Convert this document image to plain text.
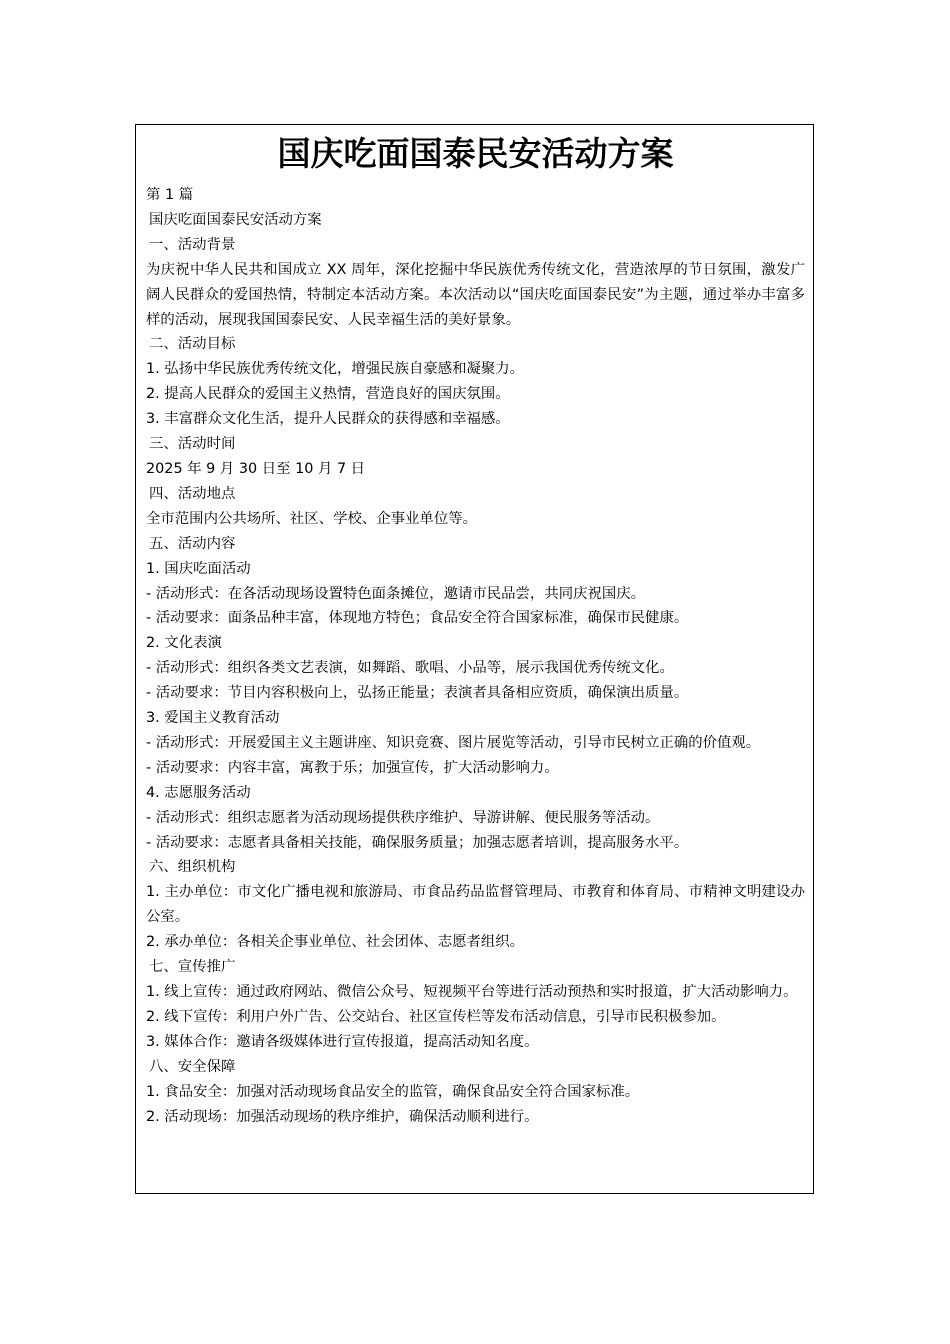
国庆吃面国泰民安活动方案
第 1 篇
国庆吃面国泰民安活动方案
一、活动背景
为庆祝中华人民共和国成立 XX 周年，深化挖掘中华民族优秀传统文化，营造浓厚的节日氛围，激发广阔人民群众的爱国热情，特制定本活动方案。本次活动以“国庆吃面国泰民安”为主题，通过举办丰富多样的活动，展现我国国泰民安、人民幸福生活的美好景象。
二、活动目标
1. 弘扬中华民族优秀传统文化，增强民族自豪感和凝聚力。
2. 提高人民群众的爱国主义热情，营造良好的国庆氛围。
3. 丰富群众文化生活，提升人民群众的获得感和幸福感。
三、活动时间
2025 年 9 月 30 日至 10 月 7 日
四、活动地点
全市范围内公共场所、社区、学校、企事业单位等。
五、活动内容
1. 国庆吃面活动
- 活动形式：在各活动现场设置特色面条摊位，邀请市民品尝，共同庆祝国庆。
- 活动要求：面条品种丰富，体现地方特色；食品安全符合国家标准，确保市民健康。
2. 文化表演
- 活动形式：组织各类文艺表演，如舞蹈、歌唱、小品等，展示我国优秀传统文化。
- 活动要求：节目内容积极向上，弘扬正能量；表演者具备相应资质，确保演出质量。
3. 爱国主义教育活动
- 活动形式：开展爱国主义主题讲座、知识竞赛、图片展览等活动，引导市民树立正确的价值观。
- 活动要求：内容丰富，寓教于乐；加强宣传，扩大活动影响力。
4. 志愿服务活动
- 活动形式：组织志愿者为活动现场提供秩序维护、导游讲解、便民服务等活动。
- 活动要求：志愿者具备相关技能，确保服务质量；加强志愿者培训，提高服务水平。
六、组织机构
1. 主办单位：市文化广播电视和旅游局、市食品药品监督管理局、市教育和体育局、市精神文明建设办公室。
2. 承办单位：各相关企事业单位、社会团体、志愿者组织。
七、宣传推广
1. 线上宣传：通过政府网站、微信公众号、短视频平台等进行活动预热和实时报道，扩大活动影响力。
2. 线下宣传：利用户外广告、公交站台、社区宣传栏等发布活动信息，引导市民积极参加。
3. 媒体合作：邀请各级媒体进行宣传报道，提高活动知名度。
八、安全保障
1. 食品安全：加强对活动现场食品安全的监管，确保食品安全符合国家标准。
2. 活动现场：加强活动现场的秩序维护，确保活动顺利进行。
